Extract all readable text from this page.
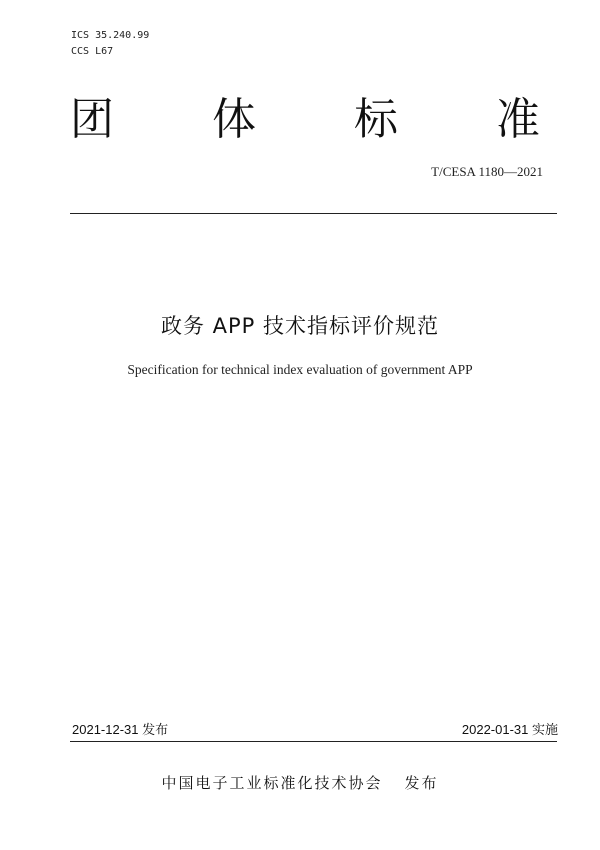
ICS 35.240.99
CCS L67
团 体 标 准
T/CESA 1180—2021
政务 APP 技术指标评价规范
Specification for technical index evaluation of government APP
2021-12-31 发布	2022-01-31 实施
中国电子工业标准化技术协会 发布
